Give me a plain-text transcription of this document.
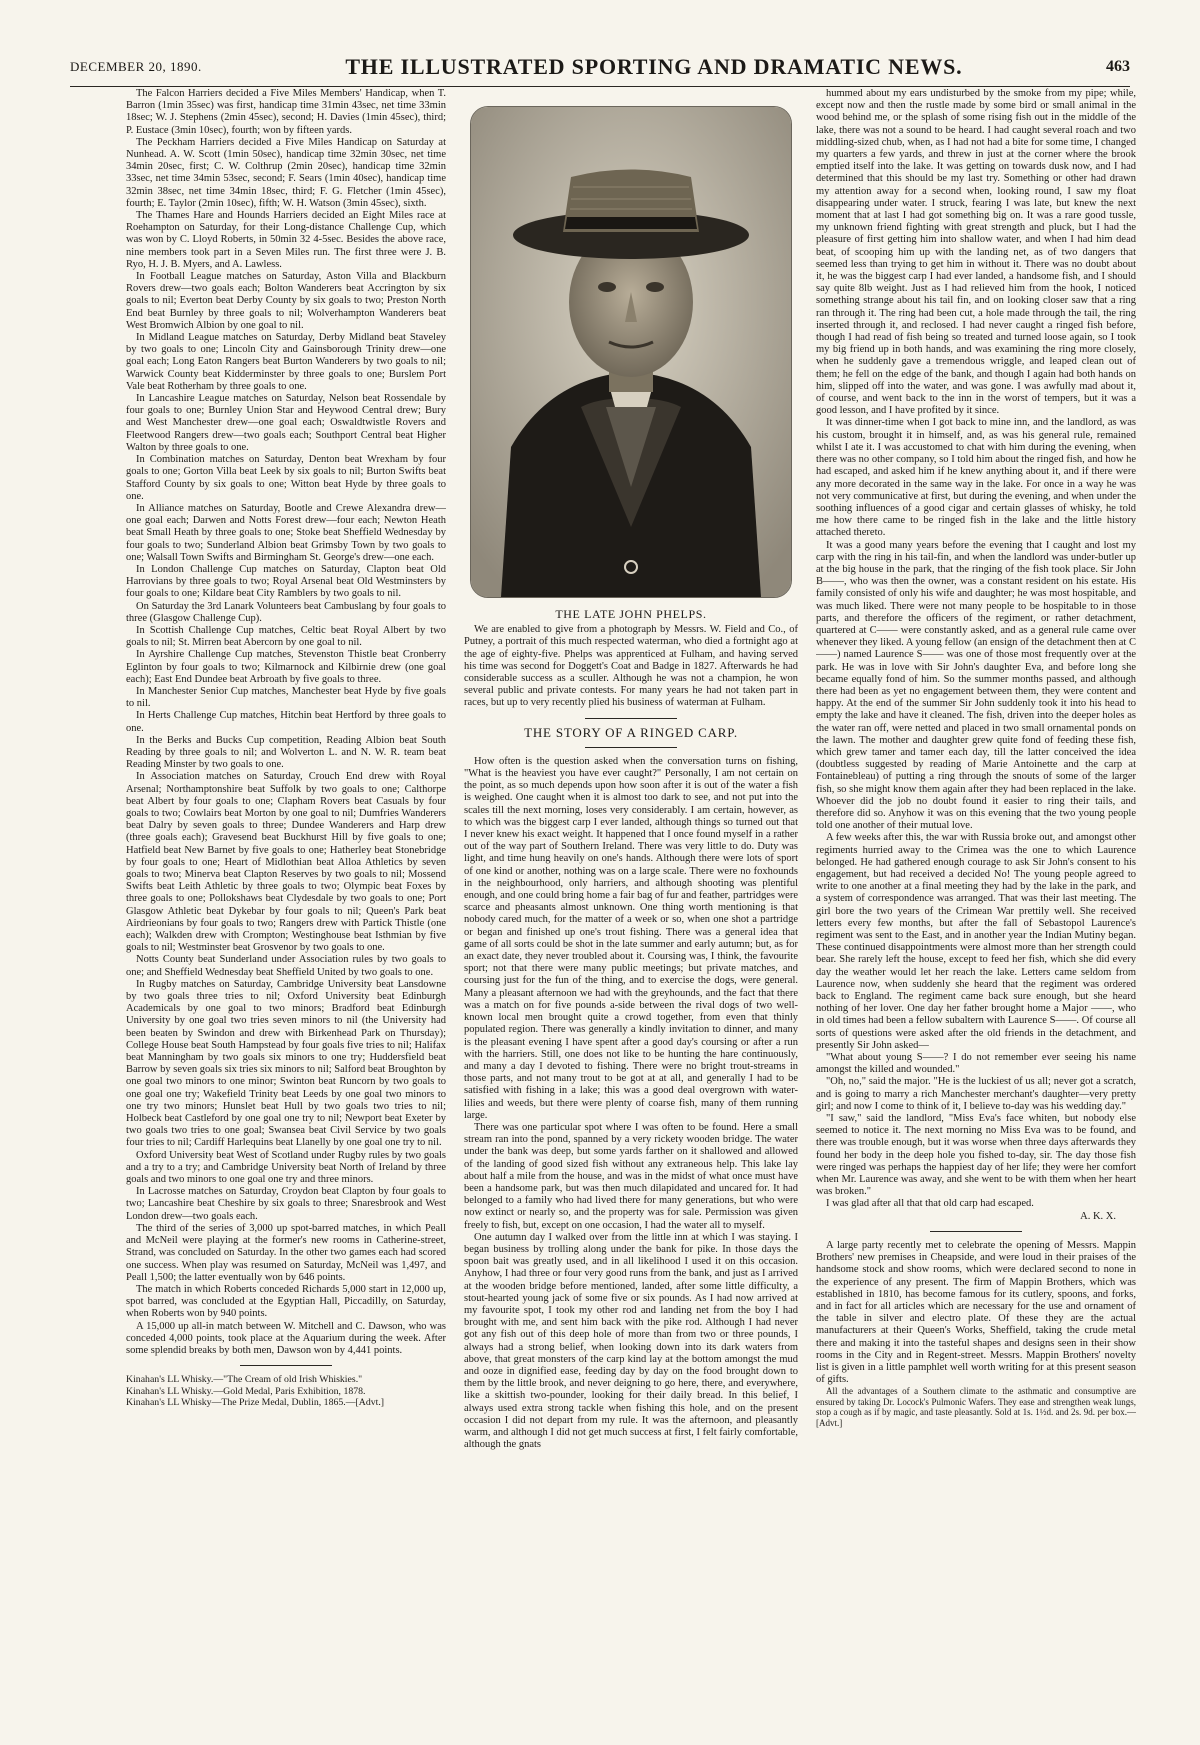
DECEMBER 20, 1890.	THE ILLUSTRATED SPORTING AND DRAMATIC NEWS.	463

The Falcon Harriers decided a Five Miles Members' Handicap, when T. Barron (1min 35sec) was first, handicap time 31min 43sec, net time 33min 18sec; W. J. Stephens (2min 45sec), second; H. Davies (1min 45sec), third; P. Eustace (3min 10sec), fourth; won by fifteen yards.

The Peckham Harriers decided a Five Miles Handicap on Saturday at Nunhead. A. W. Scott (1min 50sec), handicap time 32min 30sec, net time 34min 20sec, first; C. W. Colthrup (2min 20sec), handicap time 32min 33sec, net time 34min 53sec, second; F. Sears (1min 40sec), handicap time 32min 38sec, net time 34min 18sec, third; F. G. Fletcher (1min 45sec), fourth; E. Taylor (2min 10sec), fifth; W. H. Watson (3min 45sec), sixth.

The Thames Hare and Hounds Harriers decided an Eight Miles race at Roehampton on Saturday, for their Long-distance Challenge Cup, which was won by C. Lloyd Roberts, in 50min 32 4-5sec. Besides the above race, nine members took part in a Seven Miles run. The first three were J. B. Ryo, H. J. B. Myers, and A. Lawless.

In Football League matches on Saturday, Aston Villa and Blackburn Rovers drew—two goals each; Bolton Wanderers beat Accrington by six goals to nil; Everton beat Derby County by six goals to two; Preston North End beat Burnley by three goals to nil; Wolverhampton Wanderers beat West Bromwich Albion by one goal to nil.

In Midland League matches on Saturday, Derby Midland beat Staveley by two goals to one; Lincoln City and Gainsborough Trinity drew—one goal each; Long Eaton Rangers beat Burton Wanderers by two goals to nil; Warwick County beat Kidderminster by three goals to one; Burslem Port Vale beat Rotherham by three goals to one.

In Lancashire League matches on Saturday, Nelson beat Rossendale by four goals to one; Burnley Union Star and Heywood Central drew; Bury and West Manchester drew—one goal each; Oswaldtwistle Rovers and Fleetwood Rangers drew—two goals each; Southport Central beat Higher Walton by three goals to one.

In Combination matches on Saturday, Denton beat Wrexham by four goals to one; Gorton Villa beat Leek by six goals to nil; Burton Swifts beat Stafford County by six goals to one; Witton beat Hyde by three goals to one.

In Alliance matches on Saturday, Bootle and Crewe Alexandra drew—one goal each; Darwen and Notts Forest drew—four each; Newton Heath beat Small Heath by three goals to one; Stoke beat Sheffield Wednesday by four goals to two; Sunderland Albion beat Grimsby Town by two goals to one; Walsall Town Swifts and Birmingham St. George's drew—one each.

In London Challenge Cup matches on Saturday, Clapton beat Old Harrovians by three goals to two; Royal Arsenal beat Old Westminsters by four goals to one; Kildare beat City Ramblers by two goals to nil.

On Saturday the 3rd Lanark Volunteers beat Cambuslang by four goals to three (Glasgow Challenge Cup).

In Scottish Challenge Cup matches, Celtic beat Royal Albert by two goals to nil; St. Mirren beat Abercorn by one goal to nil.

In Ayrshire Challenge Cup matches, Stevenston Thistle beat Cronberry Eglinton by four goals to two; Kilmarnock and Kilbirnie drew (one goal each); East End Dundee beat Arbroath by five goals to three.

In Manchester Senior Cup matches, Manchester beat Hyde by five goals to nil.

In Herts Challenge Cup matches, Hitchin beat Hertford by three goals to one.

In the Berks and Bucks Cup competition, Reading Albion beat South Reading by three goals to nil; and Wolverton L. and N. W. R. team beat Reading Minster by two goals to one.

In Association matches on Saturday, Crouch End drew with Royal Arsenal; Northamptonshire beat Suffolk by two goals to one; Calthorpe beat Albert by four goals to one; Clapham Rovers beat Casuals by four goals to two; Cowlairs beat Morton by one goal to nil; Dumfries Wanderers beat Dalry by seven goals to three; Dundee Wanderers and Harp drew (three goals each); Gravesend beat Buckhurst Hill by five goals to one; Hatfield beat New Barnet by five goals to one; Hatherley beat Stonebridge by four goals to one; Heart of Midlothian beat Alloa Athletics by seven goals to two; Minerva beat Clapton Reserves by two goals to nil; Mossend Swifts beat Leith Athletic by three goals to two; Olympic beat Foxes by three goals to one; Pollokshaws beat Clydesdale by two goals to one; Port Glasgow Athletic beat Dykebar by four goals to nil; Queen's Park beat Airdrieonians by four goals to two; Rangers drew with Partick Thistle (one each); Walkden drew with Crompton; Westinghouse beat Isthmian by five goals to nil; Westminster beat Grosvenor by two goals to one.

Notts County beat Sunderland under Association rules by two goals to one; and Sheffield Wednesday beat Sheffield United by two goals to one.

In Rugby matches on Saturday, Cambridge University beat Lansdowne by two goals three tries to nil; Oxford University beat Edinburgh Academicals by one goal to two minors; Bradford beat Edinburgh University by one goal two tries seven minors to nil (the University had been beaten by Swindon and drew with Birkenhead Park on Thursday); College House beat South Hampstead by four goals five tries to nil; Halifax beat Manningham by two goals six minors to one try; Huddersfield beat Barrow by seven goals six tries six minors to nil; Salford beat Broughton by one goal two minors to one minor; Swinton beat Runcorn by two goals to one goal one try; Wakefield Trinity beat Leeds by one goal two minors to one try two minors; Hunslet beat Hull by two goals two tries to nil; Holbeck beat Castleford by one goal one try to nil; Newport beat Exeter by two goals two tries to one goal; Swansea beat Civil Service by two goals four tries to nil; Cardiff Harlequins beat Llanelly by one goal one try to nil.

Oxford University beat West of Scotland under Rugby rules by two goals and a try to a try; and Cambridge University beat North of Ireland by three goals and two minors to one goal one try and three minors.

In Lacrosse matches on Saturday, Croydon beat Clapton by four goals to two; Lancashire beat Cheshire by six goals to three; Snaresbrook and West London drew—two goals each.

The third of the series of 3,000 up spot-barred matches, in which Peall and McNeil were playing at the former's new rooms in Catherine-street, Strand, was concluded on Saturday. In the other two games each had scored one success. When play was resumed on Saturday, McNeil was 1,497, and Peall 1,500; the latter eventually won by 646 points.

The match in which Roberts conceded Richards 5,000 start in 12,000 up, spot barred, was concluded at the Egyptian Hall, Piccadilly, on Saturday, when Roberts won by 940 points.

A 15,000 up all-in match between W. Mitchell and C. Dawson, who was conceded 4,000 points, took place at the Aquarium during the week. After some splendid breaks by both men, Dawson won by 4,441 points.

Kinahan's LL Whisky.—"The Cream of old Irish Whiskies."

Kinahan's LL Whisky.—Gold Medal, Paris Exhibition, 1878.

Kinahan's LL Whisky—The Prize Medal, Dublin, 1865.—[Advt.]

THE LATE JOHN PHELPS.

We are enabled to give from a photograph by Messrs. W. Field and Co., of Putney, a portrait of this much respected waterman, who died a fortnight ago at the age of eighty-five. Phelps was apprenticed at Fulham, and having served his time was second for Doggett's Coat and Badge in 1827. Afterwards he had considerable success as a sculler. Although he was not a champion, he won several public and private contests. For many years he had not taken part in races, but up to very recently plied his business of waterman at Fulham.

THE STORY OF A RINGED CARP.

How often is the question asked when the conversation turns on fishing, "What is the heaviest you have ever caught?" Personally, I am not certain on the point, as so much depends upon how soon after it is out of the water a fish is weighed. One caught when it is almost too dark to see, and not put into the scales till the next morning, loses very considerably. I am certain, however, as to which was the biggest carp I ever landed, although things so turned out that I never knew his exact weight. It happened that I once found myself in a rather out of the way part of Southern Ireland. There was very little to do. Duty was light, and time hung heavily on one's hands. Although there were lots of sport of one kind or another, nothing was on a large scale. There were no foxhounds in the neighbourhood, only harriers, and although shooting was plentiful enough, and one could bring home a fair bag of fur and feather, partridges were scarce and pheasants almost unknown. One thing worth mentioning is that nobody cared much, for the matter of a week or so, when one shot a partridge or began and finished up one's trout fishing. There was a general idea that game of all sorts could be shot in the late summer and early autumn; but, as for an exact date, they never troubled about it. Coursing was, I think, the favourite sport; not that there were many public meetings; but private matches, and coursing just for the fun of the thing, and to exercise the dogs, were general. Many a pleasant afternoon we had with the greyhounds, and the fact that there was a match on for five pounds a-side between the rival dogs of two well-known local men brought quite a crowd together, from even that thinly populated region. There was generally a kindly invitation to dinner, and many is the pleasant evening I have spent after a good day's coursing or after a run with the harriers. Still, one does not like to be hunting the hare continuously, and many a day I devoted to fishing. There were no bright trout-streams in those parts, and not many trout to be got at at all, and generally I had to be satisfied with fishing in a lake; this was a good deal overgrown with water-lilies and weeds, but there were plenty of coarse fish, many of them running large.

There was one particular spot where I was often to be found. Here a small stream ran into the pond, spanned by a very rickety wooden bridge. The water under the bank was deep, but some yards farther on it shallowed and allowed of the landing of good sized fish without any extraneous help. This lake lay about half a mile from the house, and was in the midst of what once must have been a handsome park, but was then much dilapidated and uncared for. It had belonged to a family who had lived there for many generations, but who were now extinct or nearly so, and the property was for sale. Permission was given freely to fish, but, except on one occasion, I had the water all to myself.

One autumn day I walked over from the little inn at which I was staying. I began business by trolling along under the bank for pike. In those days the spoon bait was greatly used, and in all likelihood I used it on this occasion. Anyhow, I had three or four very good runs from the bank, and just as I arrived at the wooden bridge before mentioned, landed, after some little difficulty, a stout-hearted young jack of some five or six pounds. As I had now arrived at my favourite spot, I took my other rod and landing net from the boy I had brought with me, and sent him back with the pike rod. Although I had never got any fish out of this deep hole of more than from two or three pounds, I always had a strong belief, when looking down into its dark waters from above, that great monsters of the carp kind lay at the bottom amongst the mud and ooze in dignified ease, feeding day by day on the food brought down to them by the little brook, and never deigning to go here, there, and everywhere, like a skittish two-pounder, looking for their daily bread. In this belief, I always used extra strong tackle when fishing this hole, and on the present occasion I did not depart from my rule. It was the afternoon, and pleasantly warm, and although I did not get much success at first, I felt fairly comfortable, although the gnats

hummed about my ears undisturbed by the smoke from my pipe; while, except now and then the rustle made by some bird or small animal in the wood behind me, or the splash of some rising fish out in the middle of the lake, there was not a sound to be heard. I had caught several roach and two middling-sized chub, when, as I had not had a bite for some time, I changed my quarters a few yards, and threw in just at the corner where the brook emptied itself into the lake. It was getting on towards dusk now, and I had determined that this should be my last try. Something or other had drawn my attention away for a second when, looking round, I saw my float disappearing under water. I struck, fearing I was late, but knew the next moment that at last I had got something big on. It was a rare good tussle, my unknown friend fighting with great strength and pluck, but I had the pleasure of first getting him into shallow water, and when I had him dead beat, of scooping him up with the landing net, as of two dangers that seemed less than trying to get him in without it. There was no doubt about it, he was the biggest carp I had ever landed, a handsome fish, and I should say quite 8lb weight. Just as I had relieved him from the hook, I noticed something strange about his tail fin, and on looking closer saw that a ring ran through it. The ring had been cut, a hole made through the tail, the ring inserted through it, and reclosed. I had never caught a ringed fish before, though I had read of fish being so treated and turned loose again, so I took my big friend up in both hands, and was examining the ring more closely, when he suddenly gave a tremendous wriggle, and leaped clean out of them; he fell on the edge of the bank, and though I again had both hands on him, slipped off into the water, and was gone. I was awfully mad about it, of course, and went back to the inn in the worst of tempers, but it was a good lesson, and I have profited by it since.

It was dinner-time when I got back to mine inn, and the landlord, as was his custom, brought it in himself, and, as was his general rule, remained whilst I ate it. I was accustomed to chat with him during the evening, when there was no other company, so I told him about the ringed fish, and how he had escaped, and asked him if he knew anything about it, and if there were any more decorated in the same way in the lake. For once in a way he was not very communicative at first, but during the evening, and when under the soothing influences of a good cigar and certain glasses of whisky, he told me how there came to be ringed fish in the lake and the little history attached thereto.

It was a good many years before the evening that I caught and lost my carp with the ring in his tail-fin, and when the landlord was under-butler up at the big house in the park, that the ringing of the fish took place. Sir John B——, who was then the owner, was a constant resident on his estate. His family consisted of only his wife and daughter; he was most hospitable, and was much liked. There were not many people to be hospitable to in those parts, and therefore the officers of the regiment, or rather detachment, quartered at C—— were constantly asked, and as a general rule came over whenever they liked. A young fellow (an ensign of the detachment then at C——) named Laurence S—— was one of those most frequently over at the park. He was in love with Sir John's daughter Eva, and before long she became equally fond of him. So the summer months passed, and although there had been as yet no engagement between them, they were content and happy. At the end of the summer Sir John suddenly took it into his head to empty the lake and have it cleaned. The fish, driven into the deeper holes as the water ran off, were netted and placed in two small ornamental ponds on the lawn. The mother and daughter grew quite fond of feeding these fish, which grew tamer and tamer each day, till the latter conceived the idea (doubtless suggested by reading of Marie Antoinette and the carp at Fontainebleau) of putting a ring through the snouts of some of the larger fish, so she might know them again after they had been replaced in the lake. Whoever did the job no doubt found it easier to ring their tails, and therefore did so. Anyhow it was on this evening that the two young people told one another of their mutual love.

A few weeks after this, the war with Russia broke out, and amongst other regiments hurried away to the Crimea was the one to which Laurence belonged. He had gathered enough courage to ask Sir John's consent to his engagement, but had received a decided No! The young people agreed to write to one another at a final meeting they had by the lake in the park, and a system of correspondence was arranged. That was their last meeting. The girl bore the two years of the Crimean War prettily well. She received letters every few months, but after the fall of Sebastopol Laurence's regiment was sent to the East, and in another year the Indian Mutiny began. These continued disappointments were almost more than her strength could bear. She rarely left the house, except to feed her fish, which she did every day the weather would let her reach the lake. Letters came seldom from Laurence now, when suddenly she heard that the regiment was ordered back to England. The regiment came back sure enough, but she heard nothing of her lover. One day her father brought home a Major ——, who in old times had been a fellow subaltern with Laurence S——. Of course all sorts of questions were asked after the old friends in the detachment, and presently Sir John asked—

"What about young S——? I do not remember ever seeing his name amongst the killed and wounded."

"Oh, no," said the major. "He is the luckiest of us all; never got a scratch, and is going to marry a rich Manchester merchant's daughter—very pretty girl; and now I come to think of it, I believe to-day was his wedding day."

"I saw," said the landlord, "Miss Eva's face whiten, but nobody else seemed to notice it. The next morning no Miss Eva was to be found, and there was trouble enough, but it was worse when three days afterwards they found her body in the deep hole you fished to-day, sir. The day those fish were ringed was perhaps the happiest day of her life; they were her comfort when Mr. Laurence was away, and she went to be with them when her heart was broken."

I was glad after all that that old carp had escaped.

A. K. X.

A large party recently met to celebrate the opening of Messrs. Mappin Brothers' new premises in Cheapside, and were loud in their praises of the handsome stock and show rooms, which were declared second to none in the experience of any present. The firm of Mappin Brothers, which was established in 1810, has become famous for its cutlery, spoons, and forks, and in fact for all articles which are necessary for the use and ornament of the table in silver and electro plate. Of these they are the actual manufacturers at their Queen's Works, Sheffield, taking the crude metal there and making it into the tasteful shapes and designs seen in their show rooms in the City and in Regent-street. Messrs. Mappin Brothers' novelty list is given in a little pamphlet well worth writing for at this present season of gifts.

All the advantages of a Southern climate to the asthmatic and consumptive are ensured by taking Dr. Locock's Pulmonic Wafers. They ease and strengthen weak lungs, stop a cough as if by magic, and taste pleasantly. Sold at 1s. 1½d. and 2s. 9d. per box.—[Advt.]
